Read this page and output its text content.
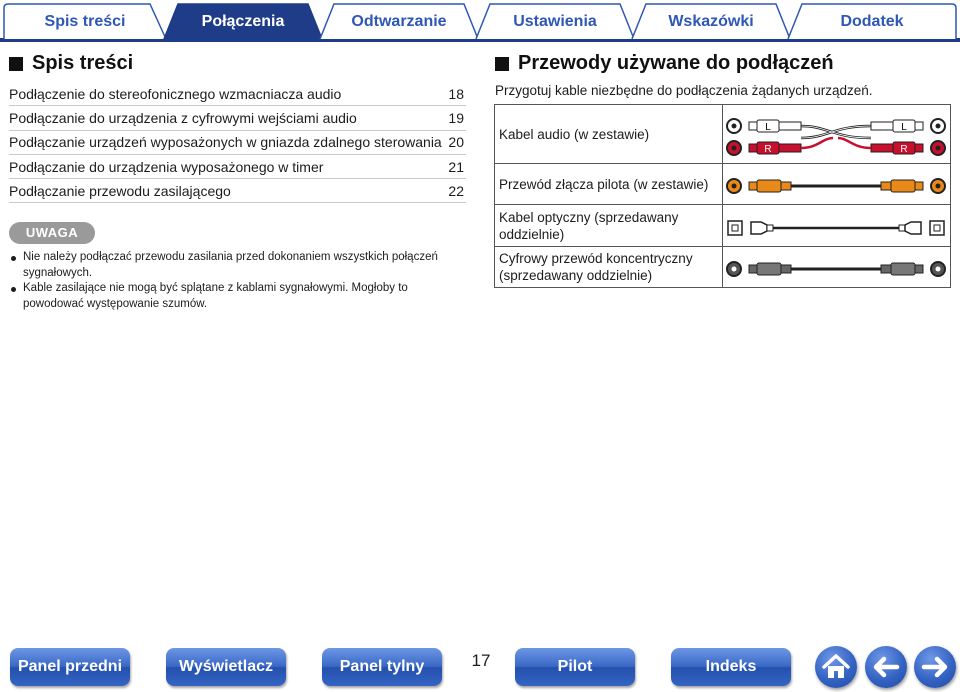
Spis treści	Połączenia	Odtwarzanie	Ustawienia	Wskazówki	Dodatek
Spis treści
Podłączenie do stereofonicznego wzmacniacza audio	18
Podłączanie do urządzenia z cyfrowymi wejściami audio	19
Podłączanie urządzeń wyposażonych w gniazda zdalnego sterowania 20
Podłączanie do urządzenia wyposażonego w timer	21
Podłączanie przewodu zasilającego	22
UWAGA
Nie należy podłączać przewodu zasilania przed dokonaniem wszystkich połączeń sygnałowych.
Kable zasilające nie mogą być splątane z kablami sygnałowymi. Mogłoby to powodować występowanie szumów.
Przewody używane do podłączeń
Przygotuj kable niezbędne do podłączenia żądanych urządzeń.
Kabel audio (w zestawie)	L
R
L
R

Przewód złącza pilota (w zestawie)	

Kabel optyczny (sprzedawany oddzielnie)	

Cyfrowy przewód koncentryczny (sprzedawany oddzielnie)	
Panel przedni	Wyświetlacz	Panel tylny	17	Pilot	Indeks
